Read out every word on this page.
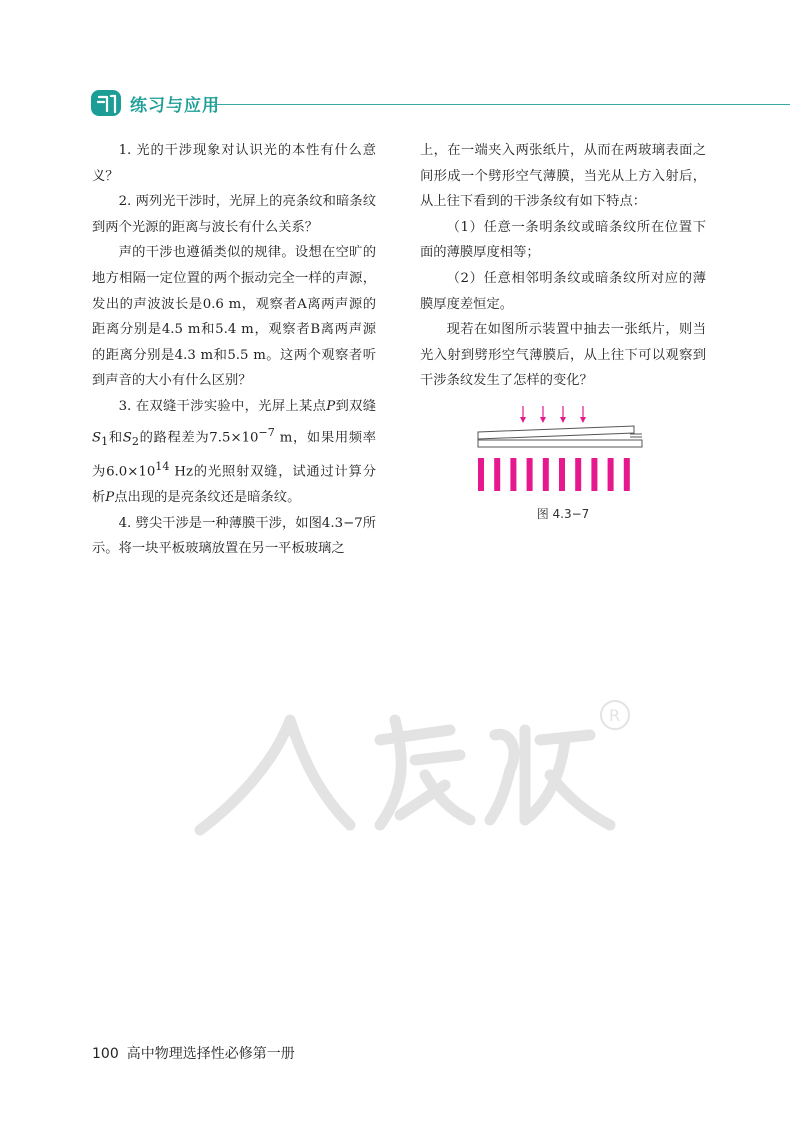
练习与应用

1. 光的干涉现象对认识光的本性有什么意义？

2. 两列光干涉时，光屏上的亮条纹和暗条纹到两个光源的距离与波长有什么关系？

声的干涉也遵循类似的规律。设想在空旷的地方相隔一定位置的两个振动完全一样的声源，发出的声波波长是0.6 m，观察者A离两声源的距离分别是4.5 m和5.4 m，观察者B离两声源的距离分别是4.3 m和5.5 m。这两个观察者听到声音的大小有什么区别？

3. 在双缝干涉实验中，光屏上某点P到双缝$S_1$和$S_2$的路程差为$7.5\times 10^{-7}$ m，如果用频率为$6.0\times 10^{14}$ Hz的光照射双缝，试通过计算分析P点出现的是亮条纹还是暗条纹。

4. 劈尖干涉是一种薄膜干涉，如图4.3−7所示。将一块平板玻璃放置在另一平板玻璃之

上，在一端夹入两张纸片，从而在两玻璃表面之间形成一个劈形空气薄膜，当光从上方入射后，从上往下看到的干涉条纹有如下特点：

（1）任意一条明条纹或暗条纹所在位置下面的薄膜厚度相等；

（2）任意相邻明条纹或暗条纹所对应的薄膜厚度差恒定。

现若在如图所示装置中抽去一张纸片，则当光入射到劈形空气薄膜后，从上往下可以观察到干涉条纹发生了怎样的变化？

图 4.3−7
R
100 高中物理选择性必修第一册
